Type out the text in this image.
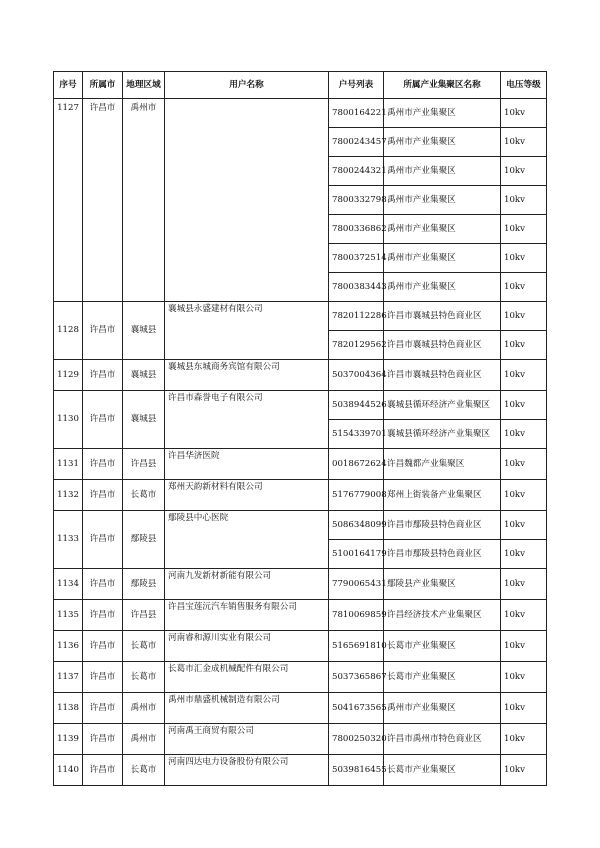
序号	所属市	地理区域	用户名称	户号列表	所属产业集聚区名称	电压等级
1127	许昌市	禹州市		7800164221	禹州市产业集聚区	10kv
				7800243457	禹州市产业集聚区	10kv
				7800244321	禹州市产业集聚区	10kv
				7800332798	禹州市产业集聚区	10kv
				7800336862	禹州市产业集聚区	10kv
				7800372514	禹州市产业集聚区	10kv
				7800383443	禹州市产业集聚区	10kv
1128	许昌市	襄城县	襄城县永盛建材有限公司	7820112286	许昌市襄城县特色商业区	10kv
				7820129562	许昌市襄城县特色商业区	10kv
1129	许昌市	襄城县	襄城县东城商务宾馆有限公司	5037004364	许昌市襄城县特色商业区	10kv
1130	许昌市	襄城县	许昌市森誉电子有限公司	5038944526	襄城县循环经济产业集聚区	10kv
				5154339701	襄城县循环经济产业集聚区	10kv
1131	许昌市	许昌县	许昌华济医院	0018672624	许昌魏都产业集聚区	10kv
1132	许昌市	长葛市	郑州天韵新材料有限公司	5176779008	郑州上街装备产业集聚区	10kv
1133	许昌市	鄢陵县	鄢陵县中心医院	5086348099	许昌市鄢陵县特色商业区	10kv
				5100164179	许昌市鄢陵县特色商业区	10kv
1134	许昌市	鄢陵县	河南九发新材新能有限公司	7790065431	鄢陵县产业集聚区	10kv
1135	许昌市	许昌县	许昌宝莲沅汽车销售服务有限公司	7810069859	许昌经济技术产业集聚区	10kv
1136	许昌市	长葛市	河南睿和源川实业有限公司	5165691810	长葛市产业集聚区	10kv
1137	许昌市	长葛市	长葛市汇金成机械配件有限公司	5037365867	长葛市产业集聚区	10kv
1138	许昌市	禹州市	禹州市鼎盛机械制造有限公司	5041673565	禹州市产业集聚区	10kv
1139	许昌市	禹州市	河南禹王商贸有限公司	7800250320	许昌市禹州市特色商业区	10kv
1140	许昌市	长葛市	河南四达电力设备股份有限公司	5039816455	长葛市产业集聚区	10kv
